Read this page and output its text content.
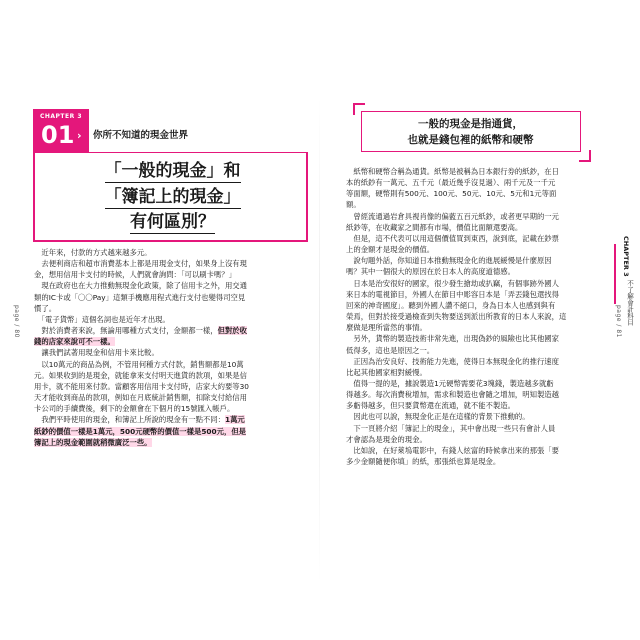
CHAPTER 3
01 › 你所不知道的現金世界
「一般的現金」和
「簿記上的現金」
有何區別？

　近年來，付款的方式越來越多元。

　去便利商店和超市消費基本上都是用現金支付，如果身上沒有現

金，想用信用卡支付的時候，人們就會詢問：「可以刷卡嗎？」

　現在政府也在大力推動無現金化政策，除了信用卡之外，用交通

類的IC卡或「〇〇Pay」這類手機應用程式進行支付也變得司空見

慣了。

　「電子貨幣」這個名詞也是近年才出現。

　對於消費者來說，無論用哪種方式支付，金額都一樣，但對於收

錢的店家來說可不一樣。

　讓我們試著用現金和信用卡來比較。

　以10萬元的商品為例，不管用何種方式付款，銷售額都是10萬

元。如果收到的是現金，就能拿來支付明天進貨的款項，如果是信

用卡，就不能用來付款。當顧客用信用卡支付時，店家大約要等30

天才能收到商品的款項，例如在月底統計銷售額，扣除支付給信用

卡公司的手續費後，剩下的金額會在下個月的15號匯入帳戶。

　我們平時使用的現金，和簿記上所說的現金有一點不同：1萬元

紙鈔的價值一樣是1萬元，500元硬幣的價值一樣是500元，但是

簿記上的現金範圍就稍微廣泛一些。

page / 80
一般的現金是指通貨，
也就是錢包裡的紙幣和硬幣

　紙幣和硬幣合稱為通貨。紙幣是被稱為日本銀行券的紙鈔，在日

本的紙鈔有一萬元、五千元（最近幾乎沒見過）、兩千元及一千元

等面額，硬幣則有500元、100元、50元、10元、5元和1元等面

額。

　曾經流通過岩倉具視肖像的偏藍五百元紙鈔，或者更早期的一元

紙鈔等，在收藏家之間都有市場，價值比面額還要高。

　但是，這不代表可以用這個價值買到東西，說到底，記載在鈔票

上的金額才是現金的價值。

　說句題外話，你知道日本推動無現金化的進展緩慢是什麼原因

嗎？其中一個很大的原因在於日本人的高度道德感。

　日本是治安很好的國家，很少發生搶劫或扒竊，有個事跡外國人

來日本的電視節目，外國人在節目中彫容日本是「弄丟錢包還找得

回來的神奇國度」。聽到外國人讚不絕口，身為日本人也感到與有

榮焉，但對於接受過檢查到失物要送到派出所教育的日本人來說，這

麼做是理所當然的事情。

　另外，貨幣的製造技術非常先進，出現偽鈔的風險也比其他國家

低得多，這也是原因之一。

　正因為治安良好、技術能力先進，使得日本無現金化的推行速度

比起其他國家相對緩慢。

　值得一提的是，據說製造1元硬幣需要花3塊錢，製造越多就虧

得越多。每次消費稅增加，需求和製造也會隨之增加，明知製造越

多虧得越多，但只要貨幣還在流通，就不能不製造。

　因此也可以說，無現金化正是在這樣的背景下推動的。

　下一頁將介紹「簿記上的現金」，其中會出現一些只有會計人員

才會認為是現金的現金。

　比如說，在好萊塢電影中，有錢人炫富的時候拿出來的那張「要

多少金額隨便你填」的紙，那張紙也算是現金。

CHAPTER 3
不了解會計科目
page / 81
